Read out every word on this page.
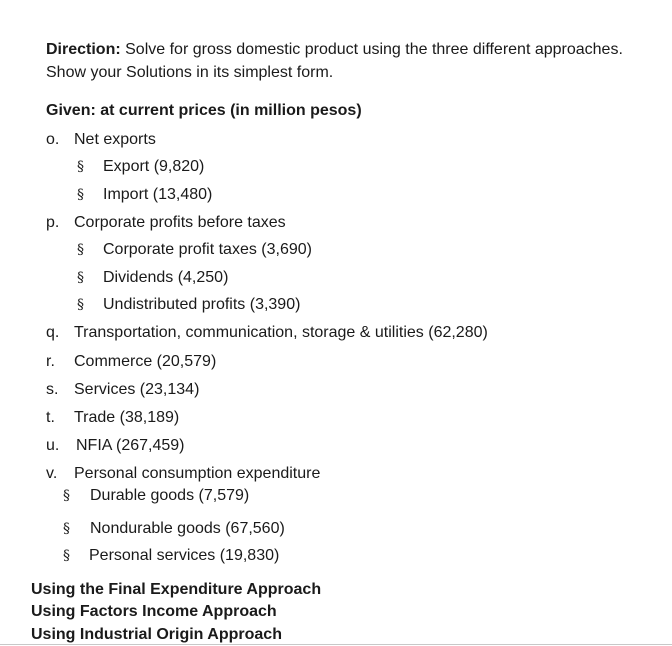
Direction: Solve for gross domestic product using the three different approaches.
Show your Solutions in its simplest form.
Given: at current prices (in million pesos)
o. Net exports
§ Export (9,820)
§ Import (13,480)
p. Corporate profits before taxes
§ Corporate profit taxes (3,690)
§ Dividends (4,250)
§ Undistributed profits (3,390)
q. Transportation, communication, storage & utilities (62,280)
r. Commerce (20,579)
s. Services (23,134)
t. Trade (38,189)
u. NFIA (267,459)
v. Personal consumption expenditure
§ Durable goods (7,579)
§ Nondurable goods (67,560)
§ Personal services (19,830)
Using the Final Expenditure Approach
Using Factors Income Approach
Using Industrial Origin Approach
